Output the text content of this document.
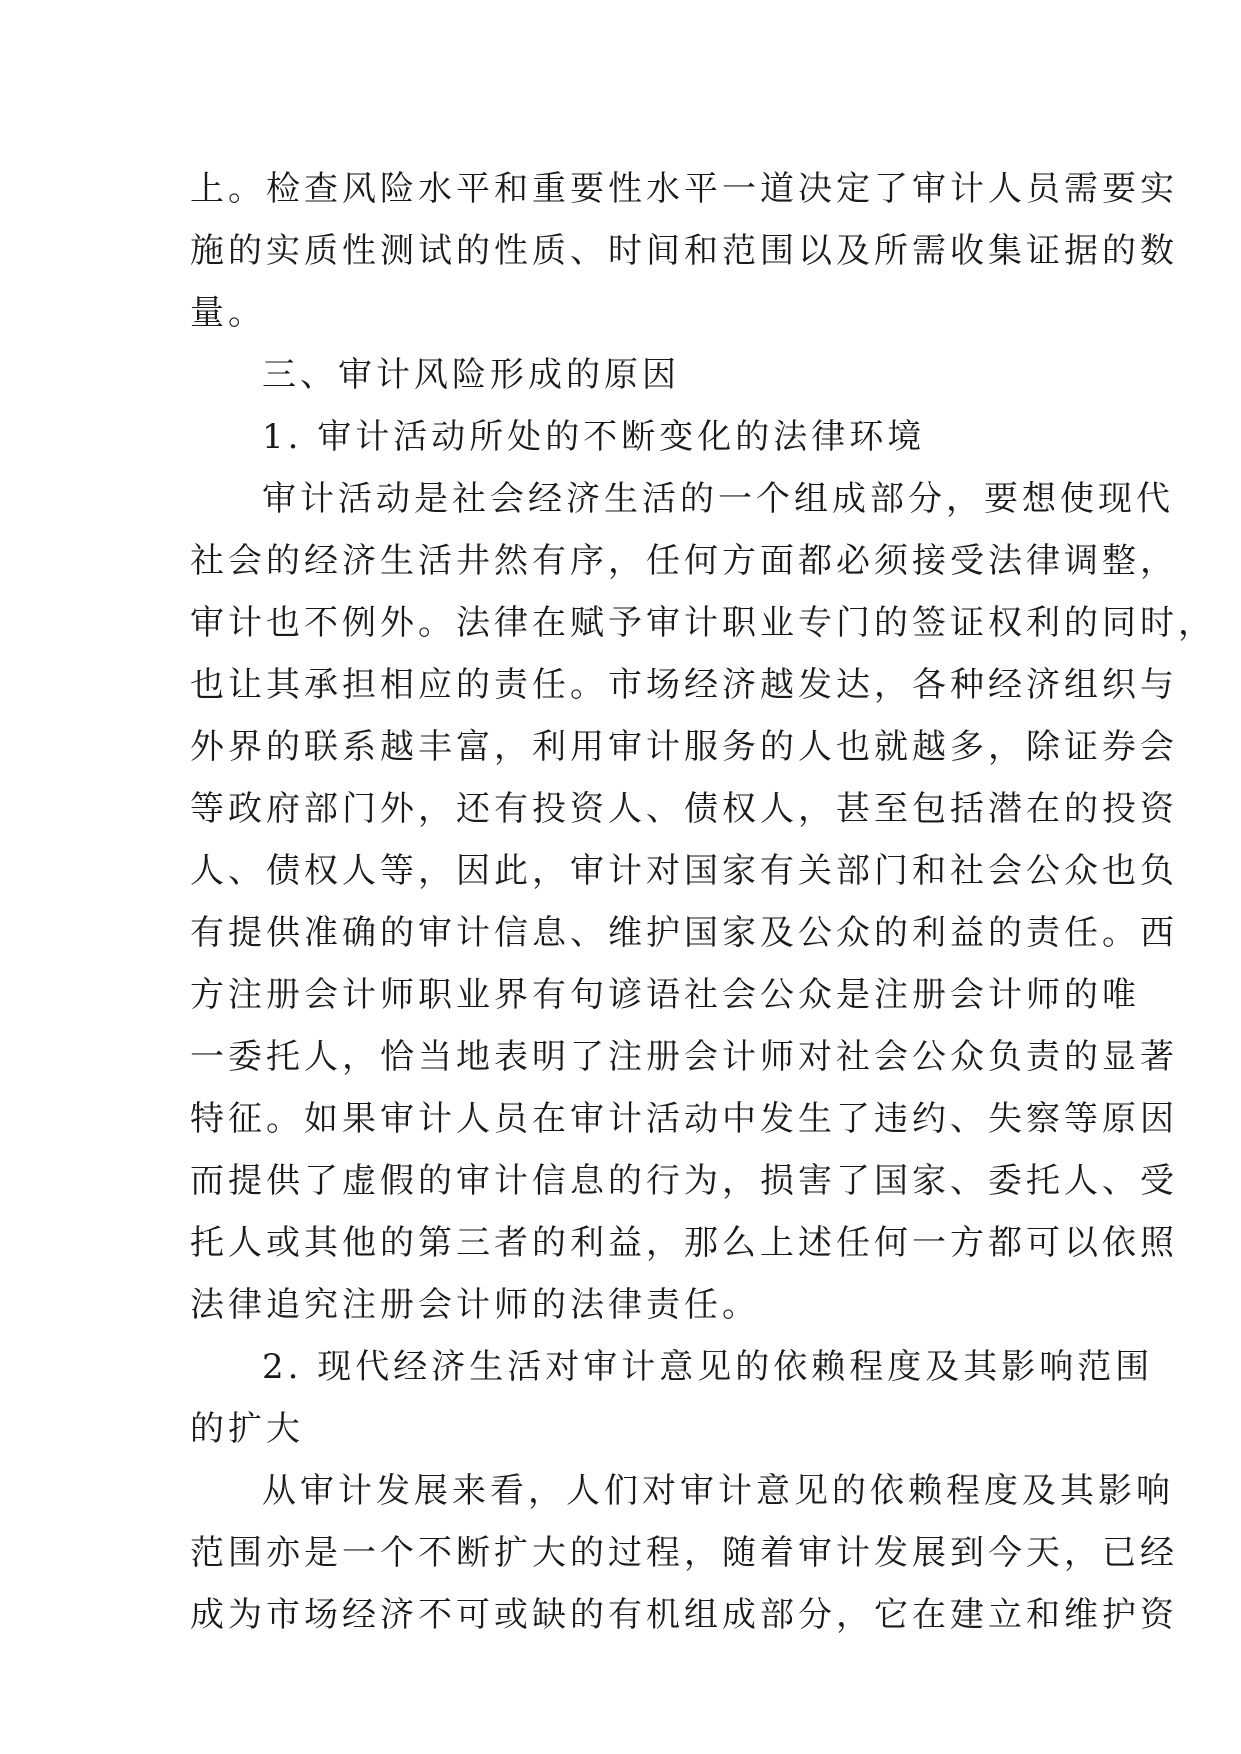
上。检查风险水平和重要性水平一道决定了审计人员需要实
施的实质性测试的性质、时间和范围以及所需收集证据的数
量。
三、审计风险形成的原因
1. 审计活动所处的不断变化的法律环境
审计活动是社会经济生活的一个组成部分，要想使现代
社会的经济生活井然有序，任何方面都必须接受法律调整，
审计也不例外。法律在赋予审计职业专门的签证权利的同时，
也让其承担相应的责任。市场经济越发达，各种经济组织与
外界的联系越丰富，利用审计服务的人也就越多，除证券会
等政府部门外，还有投资人、债权人，甚至包括潜在的投资
人、债权人等，因此，审计对国家有关部门和社会公众也负
有提供准确的审计信息、维护国家及公众的利益的责任。西
方注册会计师职业界有句谚语社会公众是注册会计师的唯
一委托人，恰当地表明了注册会计师对社会公众负责的显著
特征。如果审计人员在审计活动中发生了违约、失察等原因
而提供了虚假的审计信息的行为，损害了国家、委托人、受
托人或其他的第三者的利益，那么上述任何一方都可以依照
法律追究注册会计师的法律责任。
2. 现代经济生活对审计意见的依赖程度及其影响范围
的扩大
从审计发展来看，人们对审计意见的依赖程度及其影响
范围亦是一个不断扩大的过程，随着审计发展到今天，已经
成为市场经济不可或缺的有机组成部分，它在建立和维护资
